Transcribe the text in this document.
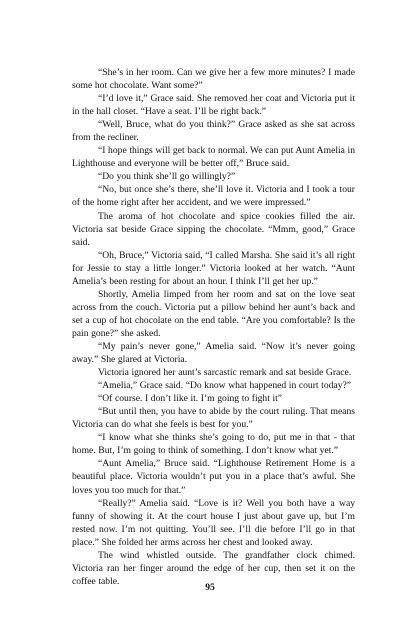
“She’s in her room. Can we give her a few more minutes? I made some hot chocolate. Want some?”

“I’d love it,” Grace said. She removed her coat and Victoria put it in the hall closet. “Have a seat. I’ll be right back.”

“Well, Bruce, what do you think?” Grace asked as she sat across from the recliner.

“I hope things will get back to normal. We can put Aunt Amelia in Lighthouse and everyone will be better off,” Bruce said.

“Do you think she’ll go willingly?”

“No, but once she’s there, she’ll love it. Victoria and I took a tour of the home right after her accident, and we were impressed.”

The aroma of hot chocolate and spice cookies filled the air. Victoria sat beside Grace sipping the chocolate. “Mmm, good,” Grace said.

“Oh, Bruce,” Victoria said, “I called Marsha. She said it’s all right for Jessie to stay a little longer.” Victoria looked at her watch. “Aunt Amelia’s been resting for about an hour. I think I’ll get her up.”

Shortly, Amelia limped from her room and sat on the love seat across from the couch. Victoria put a pillow behind her aunt’s back and set a cup of hot chocolate on the end table. “Are you comfortable? Is the pain gone?” she asked.

“My pain’s never gone,” Amelia said. “Now it’s never going away.” She glared at Victoria.

Victoria ignored her aunt’s sarcastic remark and sat beside Grace.

“Amelia,” Grace said. “Do know what happened in court today?”

“Of course. I don’t like it. I’m going to fight it”

“But until then, you have to abide by the court ruling. That means Victoria can do what she feels is best for you.”

“I know what she thinks she’s going to do, put me in that - that home. But, I’m going to think of something. I don’t know what yet.”

“Aunt Amelia,” Bruce said. “Lighthouse Retirement Home is a beautiful place. Victoria wouldn’t put you in a place that’s awful. She loves you too much for that.”

“Really?” Amelia said. “Love is it? Well you both have a way funny of showing it. At the court house I just about gave up, but I’m rested now. I’m not quitting. You’ll see. I’ll die before I’ll go in that place.” She folded her arms across her chest and looked away.

The wind whistled outside. The grandfather clock chimed. Victoria ran her finger around the edge of her cup, then set it on the coffee table.

95
